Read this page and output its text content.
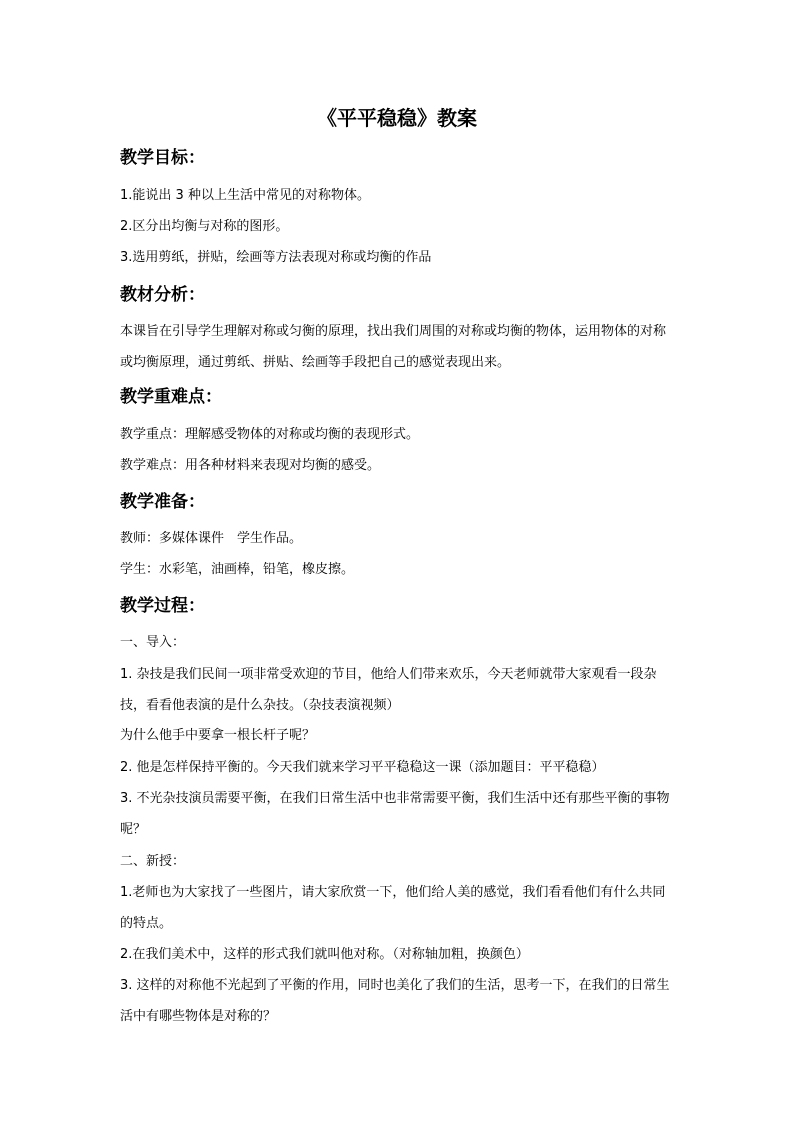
《平平稳稳》教案
教学目标：
1.能说出 3 种以上生活中常见的对称物体。
2.区分出均衡与对称的图形。
3.选用剪纸，拼贴，绘画等方法表现对称或均衡的作品
教材分析：
本课旨在引导学生理解对称或匀衡的原理，找出我们周围的对称或均衡的物体，运用物体的对称或均衡原理，通过剪纸、拼贴、绘画等手段把自己的感觉表现出来。
教学重难点：
教学重点：理解感受物体的对称或均衡的表现形式。
教学难点：用各种材料来表现对均衡的感受。
教学准备：
教师：多媒体课件　学生作品。
学生：水彩笔，油画棒，铅笔，橡皮擦。
教学过程：
一、导入：
1. 杂技是我们民间一项非常受欢迎的节目，他给人们带来欢乐，今天老师就带大家观看一段杂技，看看他表演的是什么杂技。（杂技表演视频）
为什么他手中要拿一根长杆子呢？
2. 他是怎样保持平衡的。今天我们就来学习平平稳稳这一课（添加题目：平平稳稳）
3. 不光杂技演员需要平衡，在我们日常生活中也非常需要平衡，我们生活中还有那些平衡的事物呢？
二、新授：
1.老师也为大家找了一些图片，请大家欣赏一下，他们给人美的感觉，我们看看他们有什么共同的特点。
2.在我们美术中，这样的形式我们就叫他对称。（对称轴加粗，换颜色）
3. 这样的对称他不光起到了平衡的作用，同时也美化了我们的生活，思考一下，在我们的日常生活中有哪些物体是对称的？
